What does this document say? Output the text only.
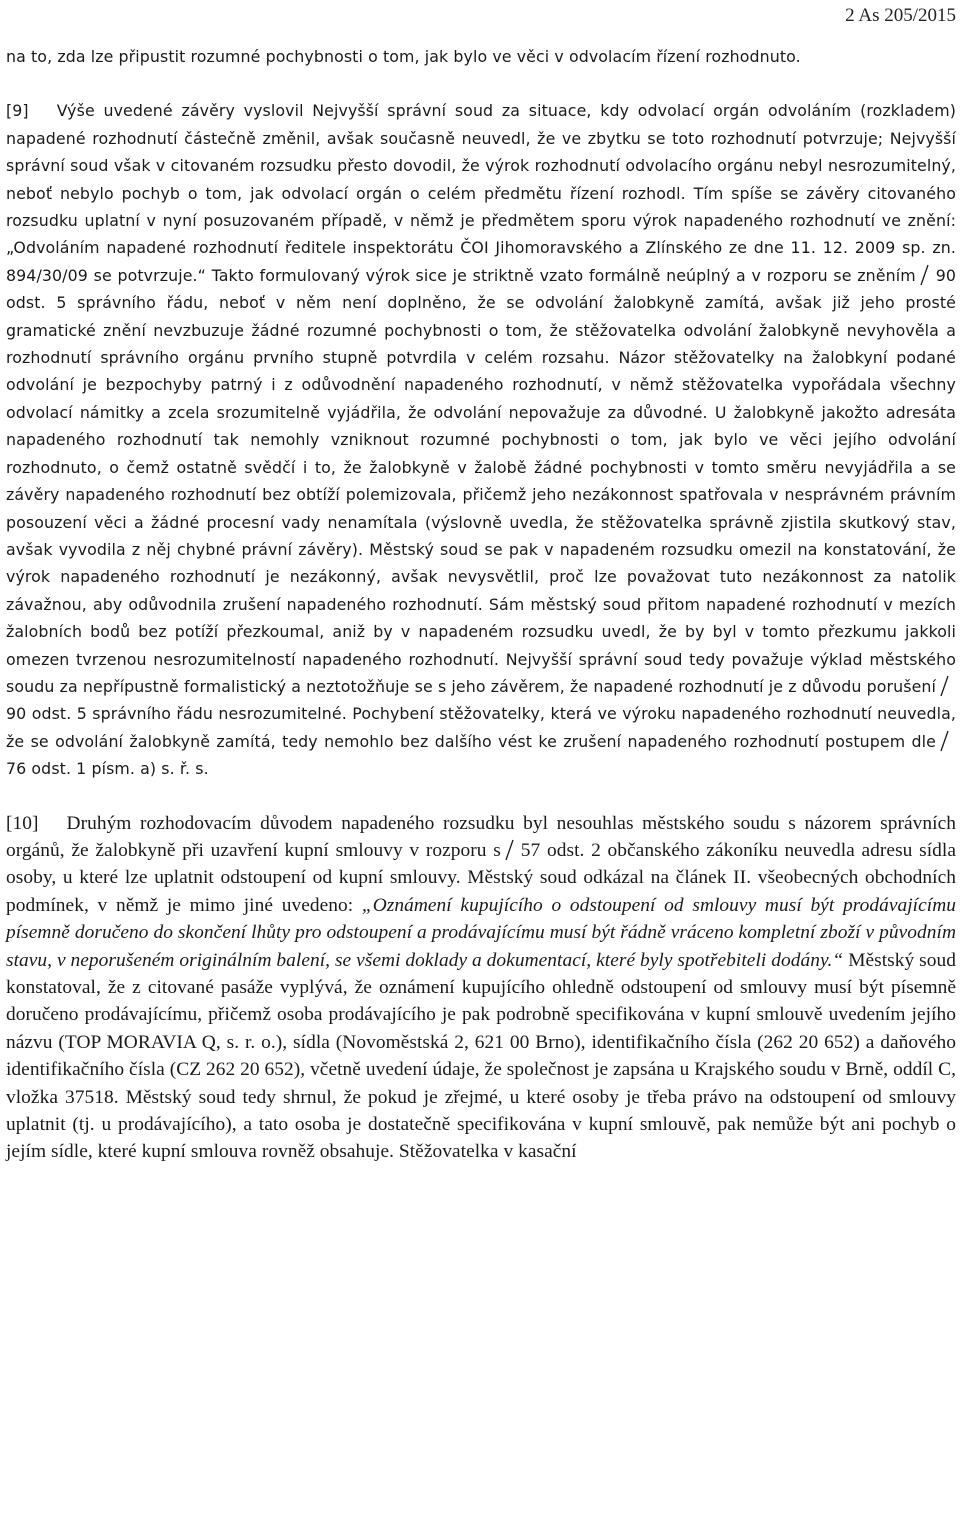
2 As 205/2015

na to, zda lze připustit rozumné pochybnosti o tom, jak bylo ve věci v odvolacím řízení rozhodnuto.

[9] Výše uvedené závěry vyslovil Nejvyšší správní soud za situace, kdy odvolací orgán odvoláním (rozkladem) napadené rozhodnutí částečně změnil, avšak současně neuvedl, že ve zbytku se toto rozhodnutí potvrzuje; Nejvyšší správní soud však v citovaném rozsudku přesto dovodil, že výrok rozhodnutí odvolacího orgánu nebyl nesrozumitelný, neboť nebylo pochyb o tom, jak odvolací orgán o celém předmětu řízení rozhodl. Tím spíše se závěry citovaného rozsudku uplatní v nyní posuzovaném případě, v němž je předmětem sporu výrok napadeného rozhodnutí ve znění: „Odvoláním napadené rozhodnutí ředitele inspektorátu ČOI Jihomoravského a Zlínského ze dne 11. 12. 2009 sp. zn. 894/30/09 se potvrzuje.“ Takto formulovaný výrok sice je striktně vzato formálně neúplný a v rozporu se zněním 90 odst. 5 správního řádu, neboť v něm není doplněno, že se odvolání žalobkyně zamítá, avšak již jeho prosté gramatické znění nevzbuzuje žádné rozumné pochybnosti o tom, že stěžovatelka odvolání žalobkyně nevyhověla a rozhodnutí správního orgánu prvního stupně potvrdila v celém rozsahu. Názor stěžovatelky na žalobkyní podané odvolání je bezpochyby patrný i z odůvodnění napadeného rozhodnutí, v němž stěžovatelka vypořádala všechny odvolací námitky a zcela srozumitelně vyjádřila, že odvolání nepovažuje za důvodné. U žalobkyně jakožto adresáta napadeného rozhodnutí tak nemohly vzniknout rozumné pochybnosti o tom, jak bylo ve věci jejího odvolání rozhodnuto, o čemž ostatně svědčí i to, že žalobkyně v žalobě žádné pochybnosti v tomto směru nevyjádřila a se závěry napadeného rozhodnutí bez obtíží polemizovala, přičemž jeho nezákonnost spatřovala v nesprávném právním posouzení věci a žádné procesní vady nenamítala (výslovně uvedla, že stěžovatelka správně zjistila skutkový stav, avšak vyvodila z něj chybné právní závěry). Městský soud se pak v napadeném rozsudku omezil na konstatování, že výrok napadeného rozhodnutí je nezákonný, avšak nevysvětlil, proč lze považovat tuto nezákonnost za natolik závažnou, aby odůvodnila zrušení napadeného rozhodnutí. Sám městský soud přitom napadené rozhodnutí v mezích žalobních bodů bez potíží přezkoumal, aniž by v napadeném rozsudku uvedl, že by byl v tomto přezkumu jakkoli omezen tvrzenou nesrozumitelností napadeného rozhodnutí. Nejvyšší správní soud tedy považuje výklad městského soudu za nepřípustně formalistický a neztotožňuje se s jeho závěrem, že napadené rozhodnutí je z důvodu porušení
90 odst. 5 správního řádu nesrozumitelné. Pochybení stěžovatelky, která ve výroku napadeného rozhodnutí neuvedla, že se odvolání žalobkyně zamítá, tedy nemohlo bez dalšího vést ke zrušení napadeného rozhodnutí postupem dle
76 odst. 1 písm. a) s. ř. s.

[10] Druhým rozhodovacím důvodem napadeného rozsudku byl nesouhlas městského soudu s názorem správních orgánů, že žalobkyně při uzavření kupní smlouvy v rozporu s 57 odst. 2 občanského zákoníku neuvedla adresu sídla osoby, u které lze uplatnit odstoupení od kupní smlouvy. Městský soud odkázal na článek II. všeobecných obchodních podmínek, v němž je mimo jiné uvedeno: „Oznámení kupujícího o odstoupení od smlouvy musí být prodávajícímu písemně doručeno do skončení lhůty pro odstoupení a prodávajícímu musí být řádně vráceno kompletní zboží v původním stavu, v neporušeném originálním balení, se všemi doklady a dokumentací, které byly spotřebiteli dodány.“ Městský soud konstatoval, že z citované pasáže vyplývá, že oznámení kupujícího ohledně odstoupení od smlouvy musí být písemně doručeno prodávajícímu, přičemž osoba prodávajícího je pak podrobně specifikována v kupní smlouvě uvedením jejího názvu (TOP MORAVIA Q, s. r. o.), sídla (Novoměstská 2, 621 00 Brno), identifikačního čísla (262 20 652) a daňového identifikačního čísla (CZ 262 20 652), včetně uvedení údaje, že společnost je zapsána u Krajského soudu v Brně, oddíl C, vložka 37518. Městský soud tedy shrnul, že pokud je zřejmé, u které osoby je třeba právo na odstoupení od smlouvy uplatnit (tj. u prodávajícího), a tato osoba je dostatečně specifikována v kupní smlouvě, pak nemůže být ani pochyb o jejím sídle, které kupní smlouva rovněž obsahuje. Stěžovatelka v kasační
